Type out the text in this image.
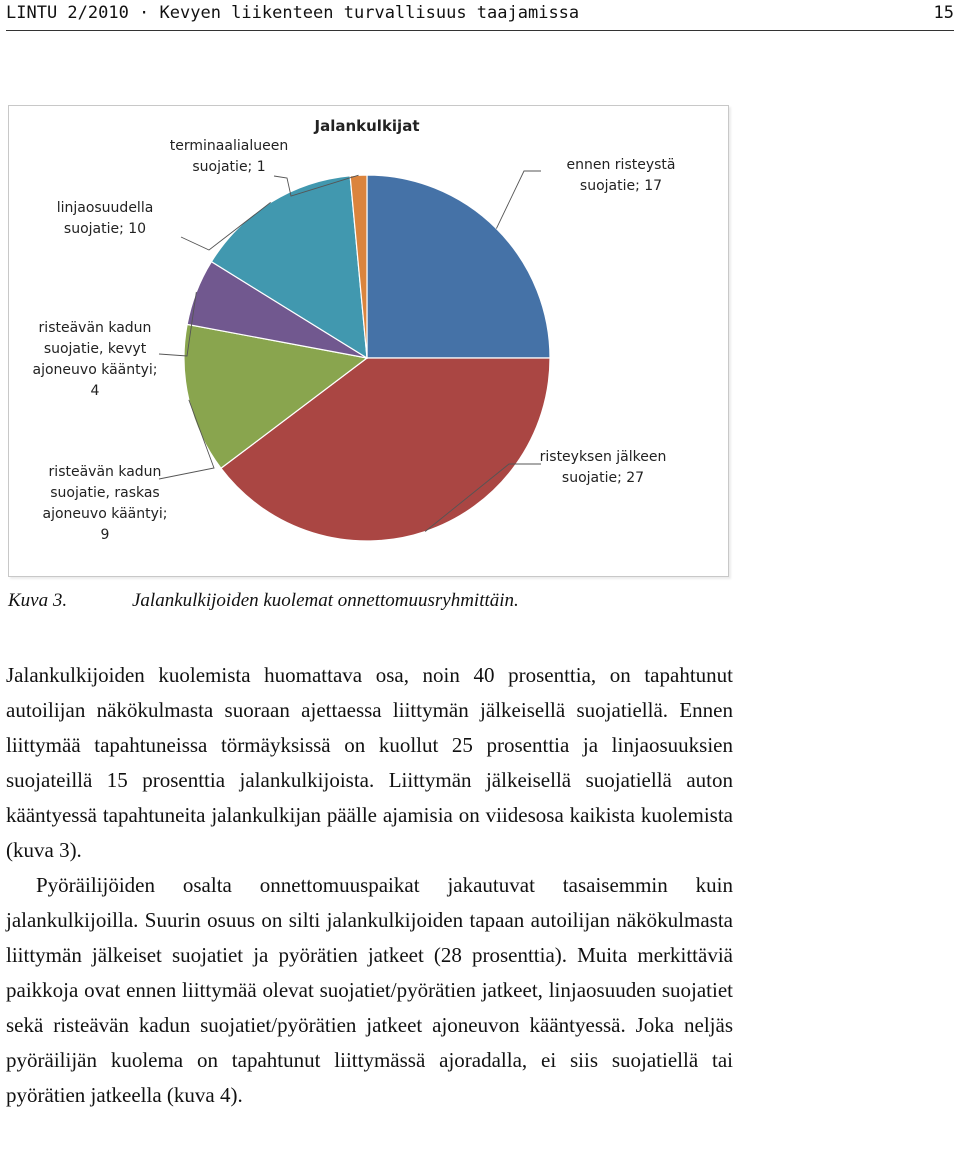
LINTU 2/2010 · Kevyen liikenteen turvallisuus taajamissa	15
ennen risteystä suojatie; 17
risteyksen jälkeen suojatie; 27
risteävän kadun suojatie, raskas ajoneuvo kääntyi; 9
risteävän kadun suojatie, kevyt ajoneuvo kääntyi; 4
linjaosuudella suojatie; 10
terminaalialueen suojatie; 1
Jalankulkijat
Kuva 3.	Jalankulkijoiden kuolemat onnettomuusryhmittäin.

Jalankulkijoiden kuolemista huomattava osa, noin 40 prosenttia, on tapahtunut autoilijan näkökulmasta suoraan ajettaessa liittymän jälkeisellä suojatiellä. Ennen liittymää tapahtuneissa törmäyksissä on kuollut 25 prosenttia ja linjaosuuksien suojateillä 15 prosenttia jalankulkijoista. Liittymän jälkeisellä suojatiellä auton kääntyessä tapahtuneita jalankulkijan päälle ajamisia on viidesosa kaikista kuolemista (kuva 3).

Pyöräilijöiden osalta onnettomuuspaikat jakautuvat tasaisemmin kuin jalankulkijoilla. Suurin osuus on silti jalankulkijoiden tapaan autoilijan näkökulmasta liittymän jälkeiset suojatiet ja pyörätien jatkeet (28 prosenttia). Muita merkittäviä paikkoja ovat ennen liittymää olevat suojatiet/pyörätien jatkeet, linjaosuuden suojatiet sekä risteävän kadun suojatiet/pyörätien jatkeet ajoneuvon kääntyessä. Joka neljäs pyöräilijän kuolema on tapahtunut liittymässä ajoradalla, ei siis suojatiellä tai pyörätien jatkeella (kuva 4).
